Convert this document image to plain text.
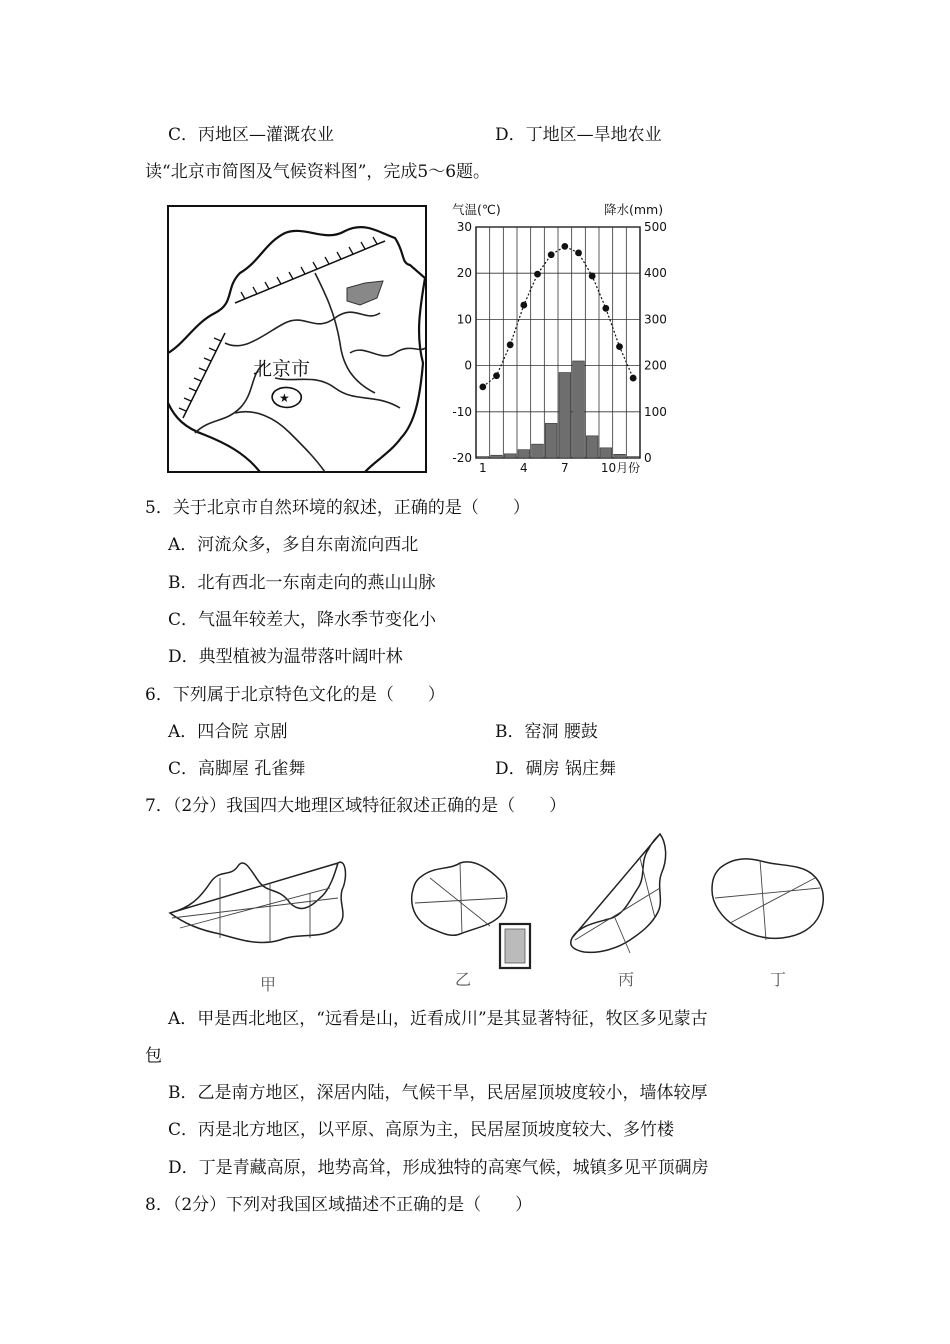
C．丙地区—灌溉农业	D．丁地区—旱地农业
读“北京市简图及气候资料图”，完成5～6题。
北京市
★
气温(℃)	降水(mm)
30
20
10
0
-10
-20
500
400
300
200
100
0
1	4	7	10月份
5．关于北京市自然环境的叙述，正确的是（　　）
A．河流众多，多自东南流向西北
B．北有西北一东南走向的燕山山脉
C．气温年较差大，降水季节变化小
D．典型植被为温带落叶阔叶林
6．下列属于北京特色文化的是（　　）
A．四合院 京剧	B．窑洞 腰鼓
C．高脚屋 孔雀舞	D．碉房 锅庄舞
7．（2分）我国四大地理区域特征叙述正确的是（　　）
甲	乙	丙	丁
A．甲是西北地区，“远看是山，近看成川”是其显著特征，牧区多见蒙古
包
B．乙是南方地区，深居内陆，气候干旱，民居屋顶坡度较小，墙体较厚
C．丙是北方地区，以平原、高原为主，民居屋顶坡度较大、多竹楼
D．丁是青藏高原，地势高耸，形成独特的高寒气候，城镇多见平顶碉房
8．（2分）下列对我国区域描述不正确的是（　　）
